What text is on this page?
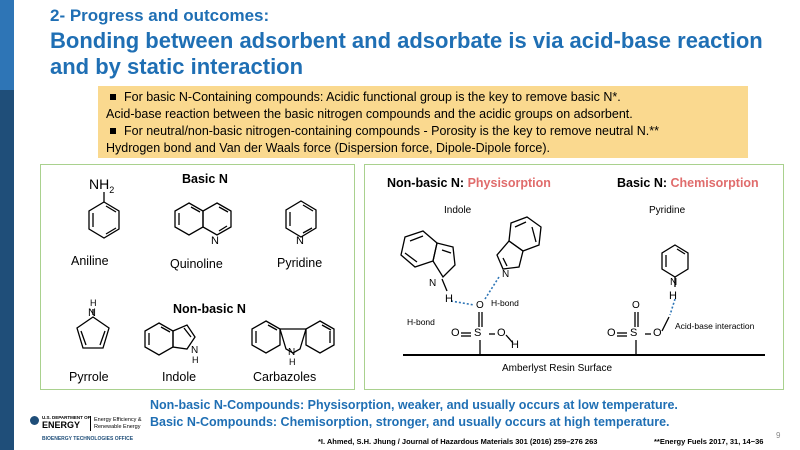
2- Progress and outcomes:
Bonding between adsorbent and adsorbate is via acid-base reaction and by static interaction
For basic N-Containing compounds: Acidic functional group is the key to remove basic N*.
Acid-base reaction between the basic nitrogen compounds and the acidic groups on adsorbent.
For neutral/non-basic nitrogen-containing compounds - Porosity is the key to remove neutral N.**
Hydrogen bond and Van der Waals force (Dispersion force, Dipole-Dipole force).
$NH_2$
Basic N
Aniline	Quinoline
N
Pyridine
N
Non-basic N
H
N
Pyrrole
N
H
Indole
N
H
Carbazoles
Non-basic N: Physisorption	Basic N: Chemisorption
Indole	Pyridine
N
N
N
H	H
H-bond
H-bond
Acid-base interaction
O
O S O
H
O
O S O
Amberlyst Resin Surface
Non-basic N-Compounds: Physisorption, weaker, and usually occurs at low temperature.
Basic N-Compounds: Chemisorption, stronger, and usually occurs at high temperature.
*I. Ahmed, S.H. Jhung / Journal of Hazardous Materials 301 (2016) 259–276 263	**Energy Fuels 2017, 31, 14−36
9
U.S. DEPARTMENT OF
ENERGY	Energy Efficiency &
Renewable Energy
BIOENERGY TECHNOLOGIES OFFICE
